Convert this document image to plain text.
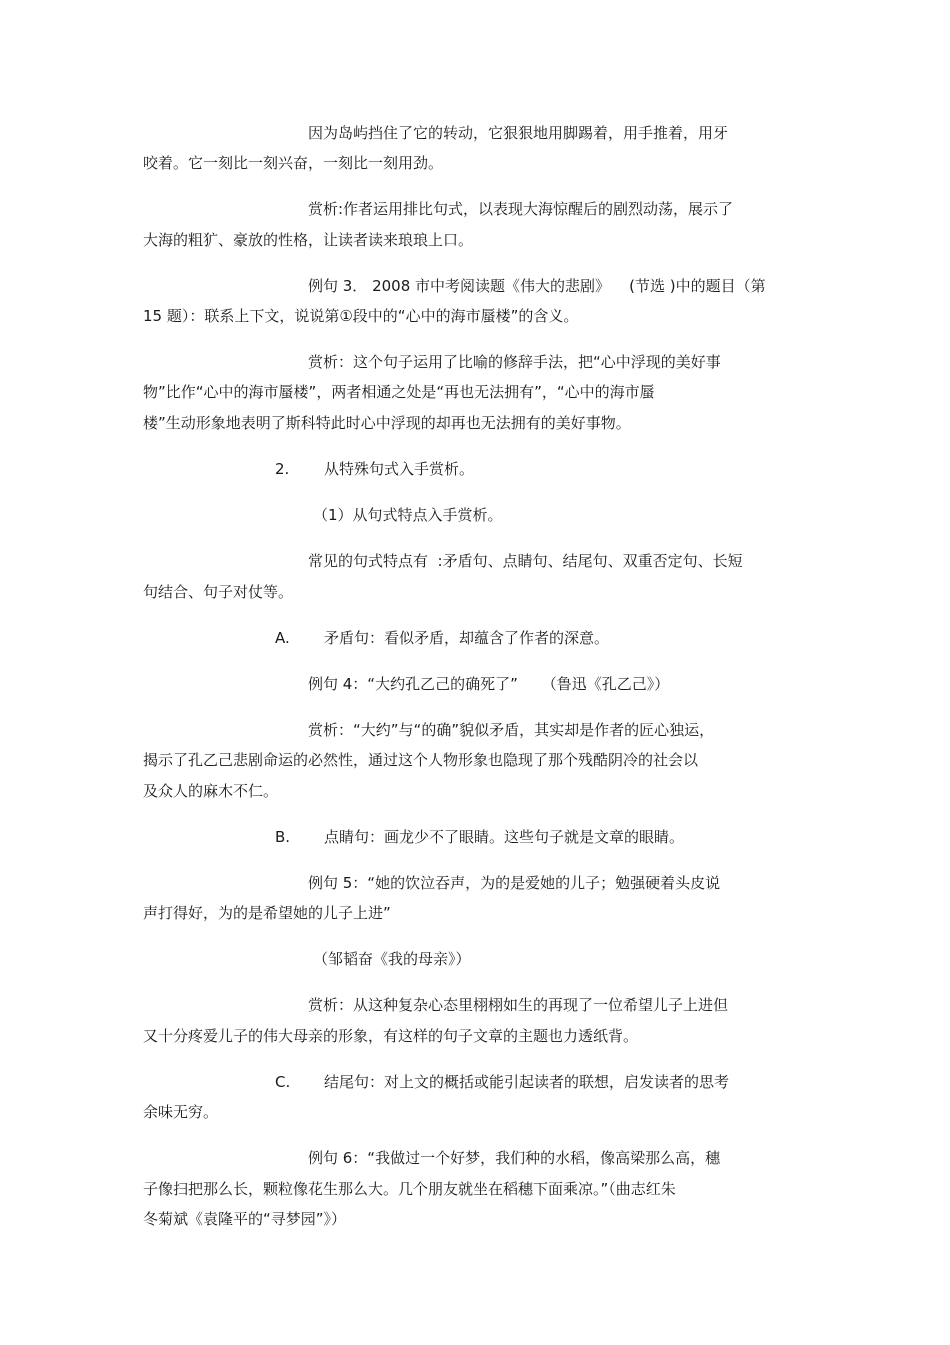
因为岛屿挡住了它的转动，它狠狠地用脚踢着，用手推着，用牙
咬着。它一刻比一刻兴奋，一刻比一刻用劲。
赏析:作者运用排比句式，以表现大海惊醒后的剧烈动荡，展示了
大海的粗犷、豪放的性格，让读者读来琅琅上口。
例句 3． 2008 市中考阅读题《伟大的悲剧》    (节选 )中的题目（第
15 题）：联系上下文，说说第①段中的“心中的海市蜃楼”的含义。
赏析：这个句子运用了比喻的修辞手法，把“心中浮现的美好事
物”比作“心中的海市蜃楼”，两者相通之处是“再也无法拥有”，“心中的海市蜃
楼”生动形象地表明了斯科特此时心中浮现的却再也无法拥有的美好事物。
2. 从特殊句式入手赏析。
（1）从句式特点入手赏析。
常见的句式特点有  :矛盾句、点睛句、结尾句、双重否定句、长短
句结合、句子对仗等。
A. 矛盾句：看似矛盾，却蕴含了作者的深意。
例句 4：“大约孔乙己的确死了”     （鲁迅《孔乙己》）
赏析：“大约”与“的确”貌似矛盾，其实却是作者的匠心独运，
揭示了孔乙己悲剧命运的必然性，通过这个人物形象也隐现了那个残酷阴冷的社会以
及众人的麻木不仁。
B. 点睛句：画龙少不了眼睛。这些句子就是文章的眼睛。
例句 5：“她的饮泣吞声，为的是爱她的儿子；勉强硬着头皮说
声打得好，为的是希望她的儿子上进”
（邹韬奋《我的母亲》）
赏析：从这种复杂心态里栩栩如生的再现了一位希望儿子上进但
又十分疼爱儿子的伟大母亲的形象，有这样的句子文章的主题也力透纸背。
C. 结尾句：对上文的概括或能引起读者的联想，启发读者的思考
余味无穷。
例句 6：“我做过一个好梦，我们种的水稻，像高梁那么高，穗
子像扫把那么长，颗粒像花生那么大。几个朋友就坐在稻穗下面乘凉。”（曲志红朱
冬菊斌《袁隆平的“寻梦园”》）
